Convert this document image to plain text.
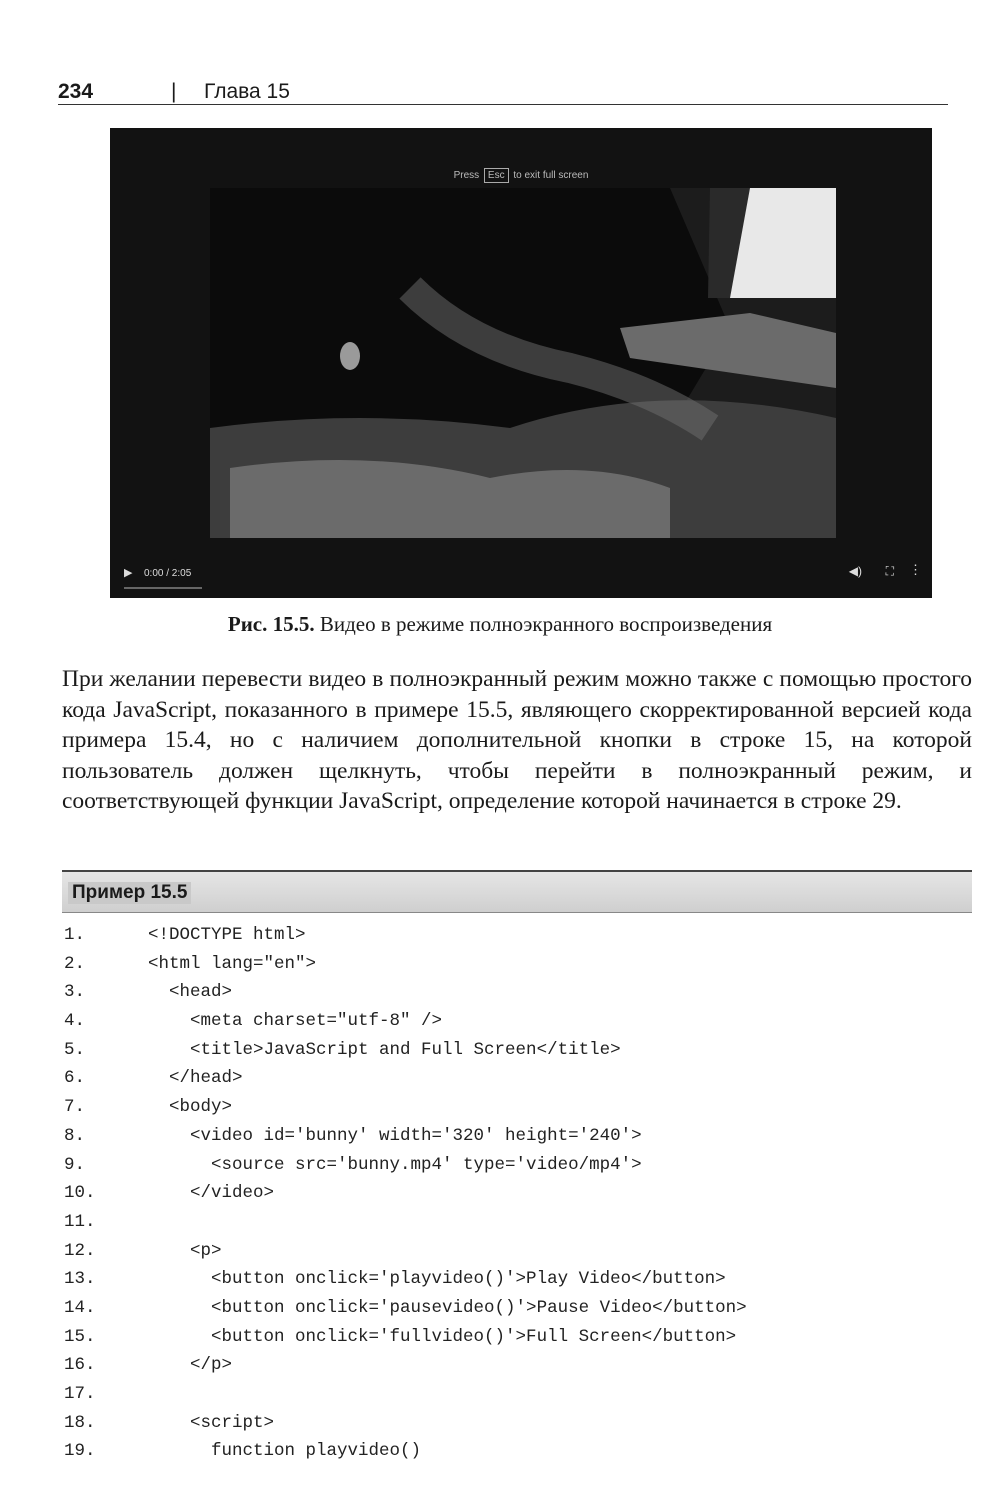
234	| Глава 15
Press Esc to exit full screen
▶ 0:00 / 2:05	◀) ⛶ ⋮
Рис. 15.5. Видео в режиме полноэкранного воспроизведения
При желании перевести видео в полноэкранный режим можно также с помощью простого кода JavaScript, показанного в примере 15.5, являющего скорректированной версией кода примера 15.4, но с наличием дополнительной кнопки в строке 15, на которой пользователь должен щелкнуть, чтобы перейти в полноэкранный режим, и соответствующей функции JavaScript, определение которой начинается в строке 29.
Пример 15.5
1.	<!DOCTYPE html>
2.	<html lang="en">
3.	<head>
4.	<meta charset="utf-8" />
5.	<title>JavaScript and Full Screen</title>
6.	</head>
7.	<body>
8.	<video id='bunny' width='320' height='240'>
9.	<source src='bunny.mp4' type='video/mp4'>
10.	</video>
11.
12.	<p>
13.	<button onclick='playvideo()'>Play Video</button>
14.	<button onclick='pausevideo()'>Pause Video</button>
15.	<button onclick='fullvideo()'>Full Screen</button>
16.	</p>
17.
18.	<script>
19.	function playvideo()
